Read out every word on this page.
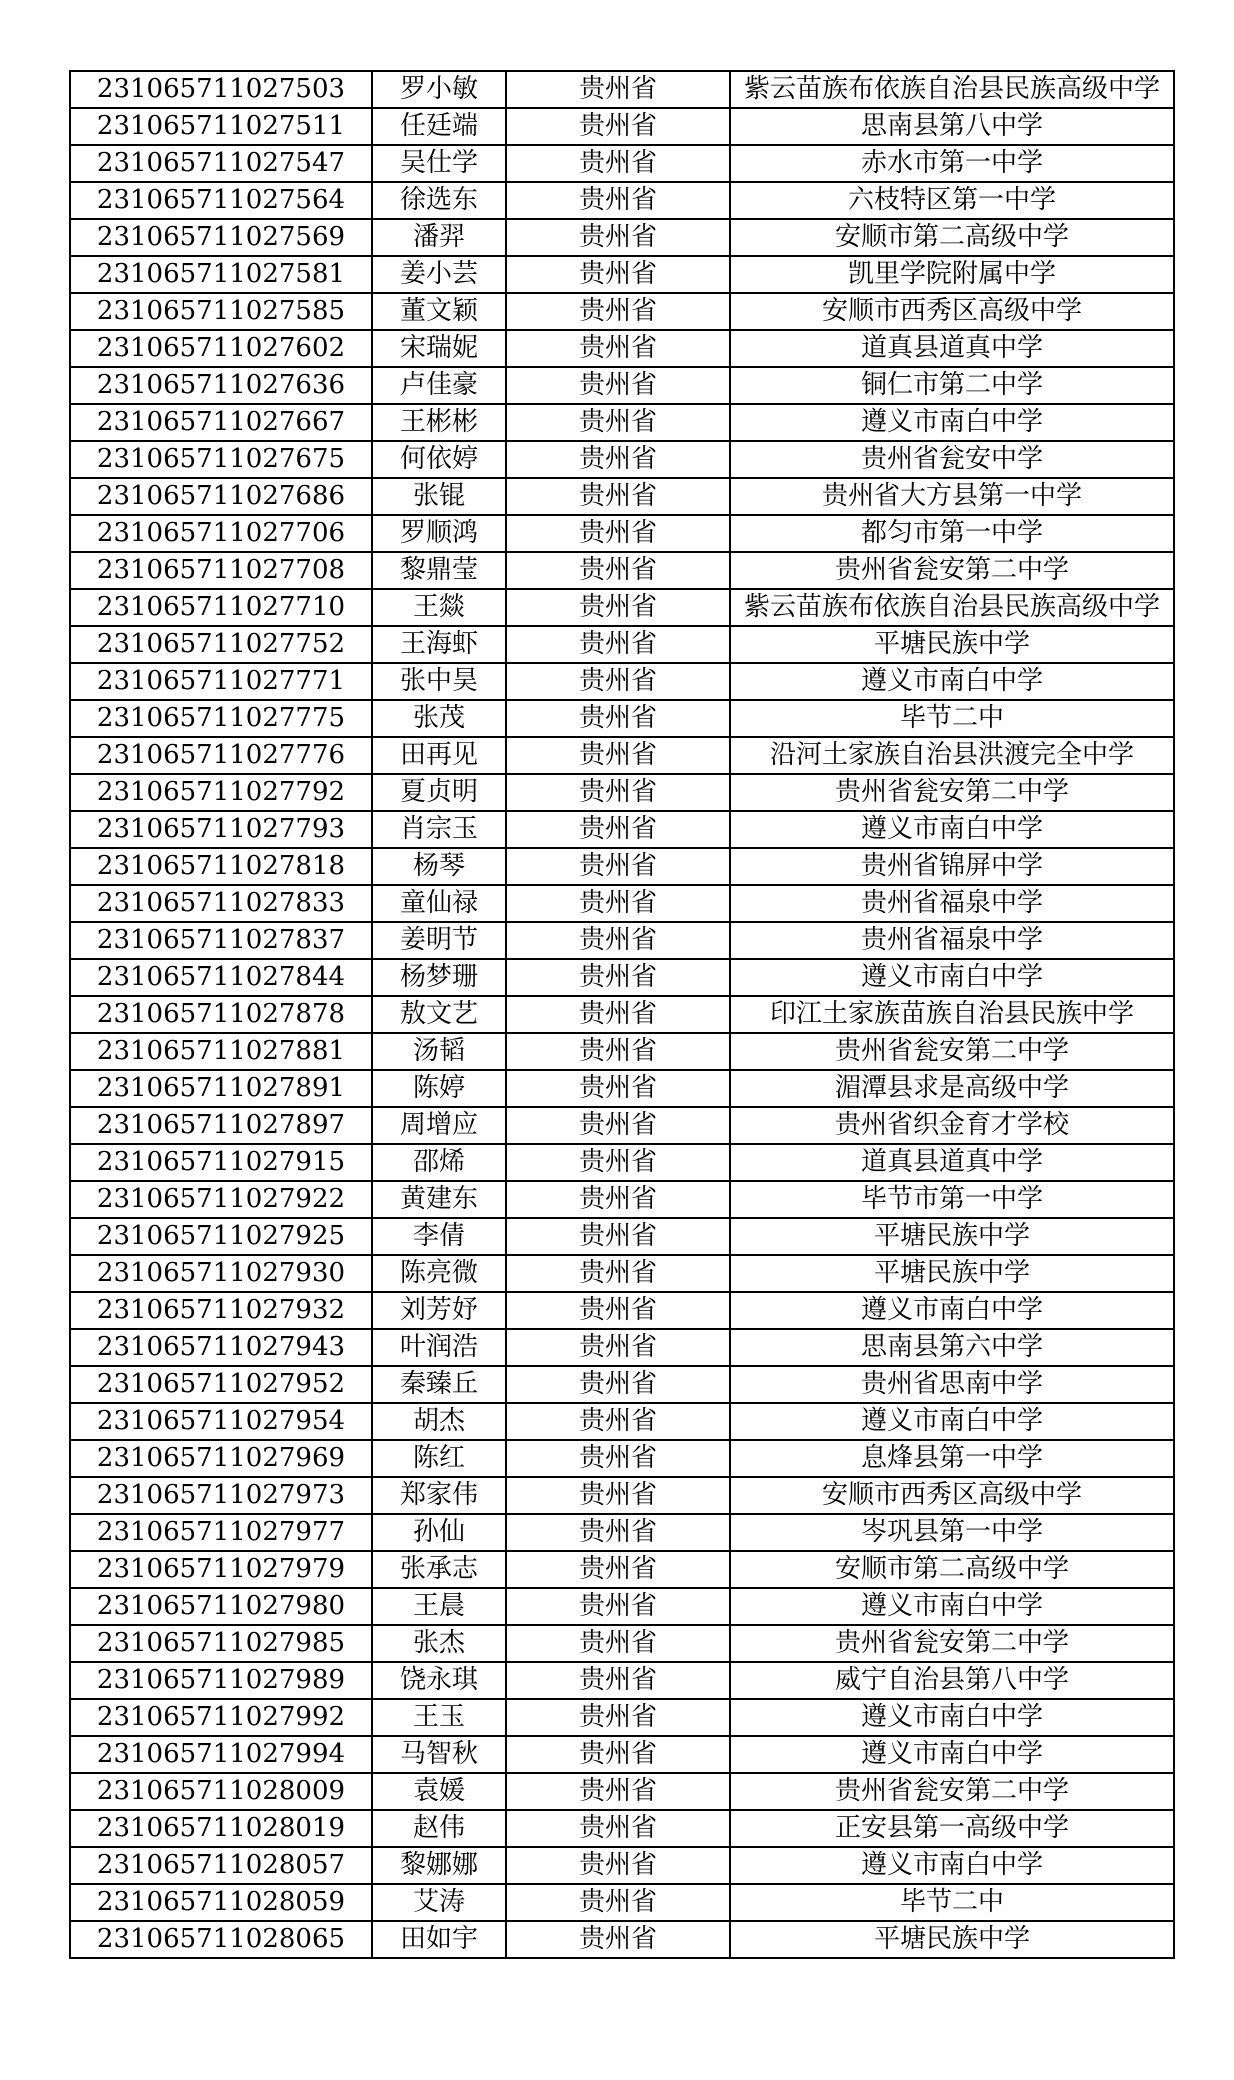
231065711027503	罗小敏	贵州省	紫云苗族布依族自治县民族高级中学
231065711027511	任廷端	贵州省	思南县第八中学
231065711027547	吴仕学	贵州省	赤水市第一中学
231065711027564	徐选东	贵州省	六枝特区第一中学
231065711027569	潘羿	贵州省	安顺市第二高级中学
231065711027581	姜小芸	贵州省	凯里学院附属中学
231065711027585	董文颖	贵州省	安顺市西秀区高级中学
231065711027602	宋瑞妮	贵州省	道真县道真中学
231065711027636	卢佳豪	贵州省	铜仁市第二中学
231065711027667	王彬彬	贵州省	遵义市南白中学
231065711027675	何依婷	贵州省	贵州省瓮安中学
231065711027686	张锟	贵州省	贵州省大方县第一中学
231065711027706	罗顺鸿	贵州省	都匀市第一中学
231065711027708	黎鼎莹	贵州省	贵州省瓮安第二中学
231065711027710	王燚	贵州省	紫云苗族布依族自治县民族高级中学
231065711027752	王海虾	贵州省	平塘民族中学
231065711027771	张中昊	贵州省	遵义市南白中学
231065711027775	张茂	贵州省	毕节二中
231065711027776	田再见	贵州省	沿河土家族自治县洪渡完全中学
231065711027792	夏贞明	贵州省	贵州省瓮安第二中学
231065711027793	肖宗玉	贵州省	遵义市南白中学
231065711027818	杨琴	贵州省	贵州省锦屏中学
231065711027833	童仙禄	贵州省	贵州省福泉中学
231065711027837	姜明节	贵州省	贵州省福泉中学
231065711027844	杨梦珊	贵州省	遵义市南白中学
231065711027878	敖文艺	贵州省	印江土家族苗族自治县民族中学
231065711027881	汤韬	贵州省	贵州省瓮安第二中学
231065711027891	陈婷	贵州省	湄潭县求是高级中学
231065711027897	周增应	贵州省	贵州省织金育才学校
231065711027915	邵烯	贵州省	道真县道真中学
231065711027922	黄建东	贵州省	毕节市第一中学
231065711027925	李倩	贵州省	平塘民族中学
231065711027930	陈亮微	贵州省	平塘民族中学
231065711027932	刘芳妤	贵州省	遵义市南白中学
231065711027943	叶润浩	贵州省	思南县第六中学
231065711027952	秦臻丘	贵州省	贵州省思南中学
231065711027954	胡杰	贵州省	遵义市南白中学
231065711027969	陈红	贵州省	息烽县第一中学
231065711027973	郑家伟	贵州省	安顺市西秀区高级中学
231065711027977	孙仙	贵州省	岑巩县第一中学
231065711027979	张承志	贵州省	安顺市第二高级中学
231065711027980	王晨	贵州省	遵义市南白中学
231065711027985	张杰	贵州省	贵州省瓮安第二中学
231065711027989	饶永琪	贵州省	威宁自治县第八中学
231065711027992	王玉	贵州省	遵义市南白中学
231065711027994	马智秋	贵州省	遵义市南白中学
231065711028009	袁媛	贵州省	贵州省瓮安第二中学
231065711028019	赵伟	贵州省	正安县第一高级中学
231065711028057	黎娜娜	贵州省	遵义市南白中学
231065711028059	艾涛	贵州省	毕节二中
231065711028065	田如宇	贵州省	平塘民族中学
